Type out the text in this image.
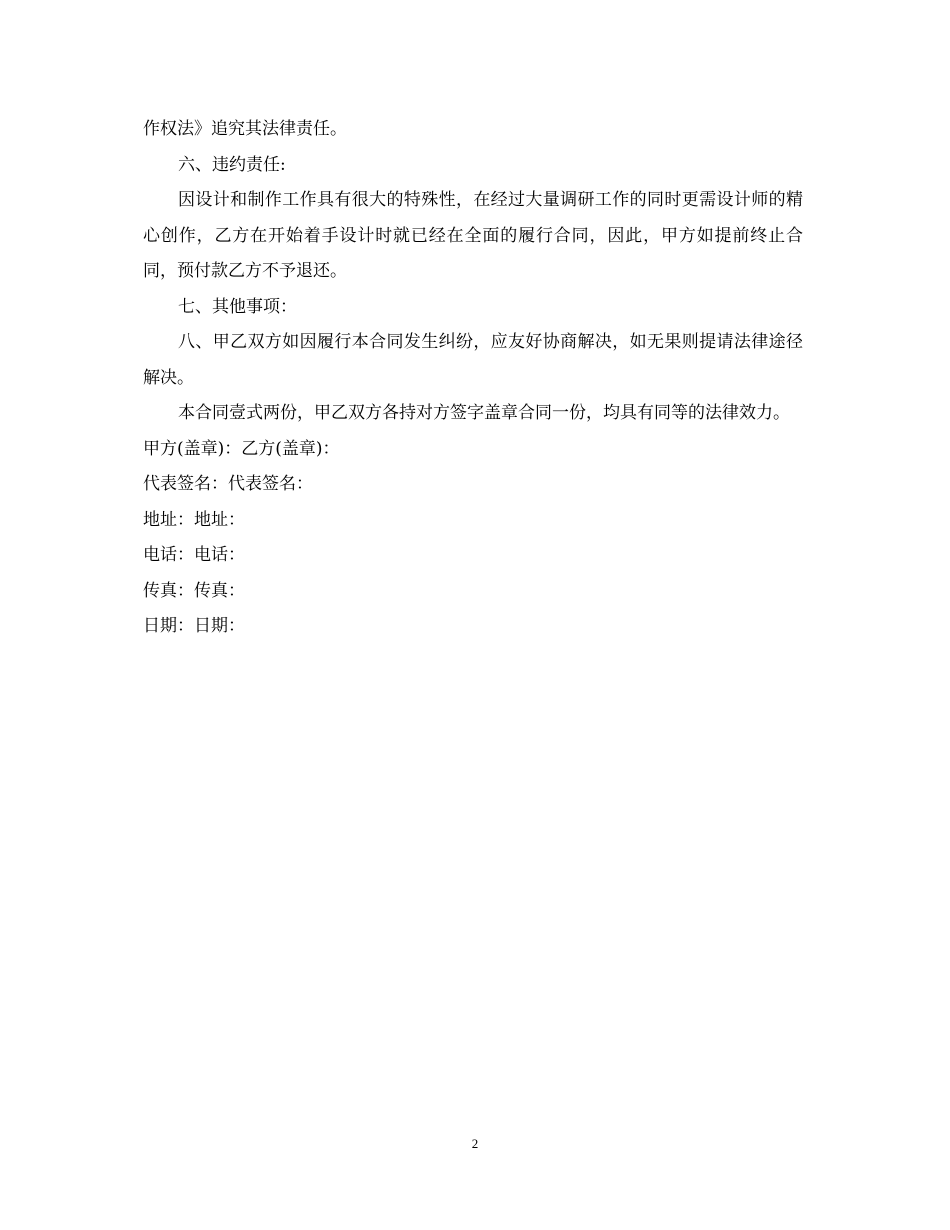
作权法》追究其法律责任。

六、违约责任:

因设计和制作工作具有很大的特殊性，在经过大量调研工作的同时更需设计师的精心创作，乙方在开始着手设计时就已经在全面的履行合同，因此，甲方如提前终止合同，预付款乙方不予退还。

七、其他事项：

八、甲乙双方如因履行本合同发生纠纷，应友好协商解决，如无果则提请法律途径解决。

本合同壹式两份，甲乙双方各持对方签字盖章合同一份，均具有同等的法律效力。

甲方(盖章)：乙方(盖章)：

代表签名：代表签名：

地址：地址：

电话：电话：

传真：传真：

日期：日期：

2
